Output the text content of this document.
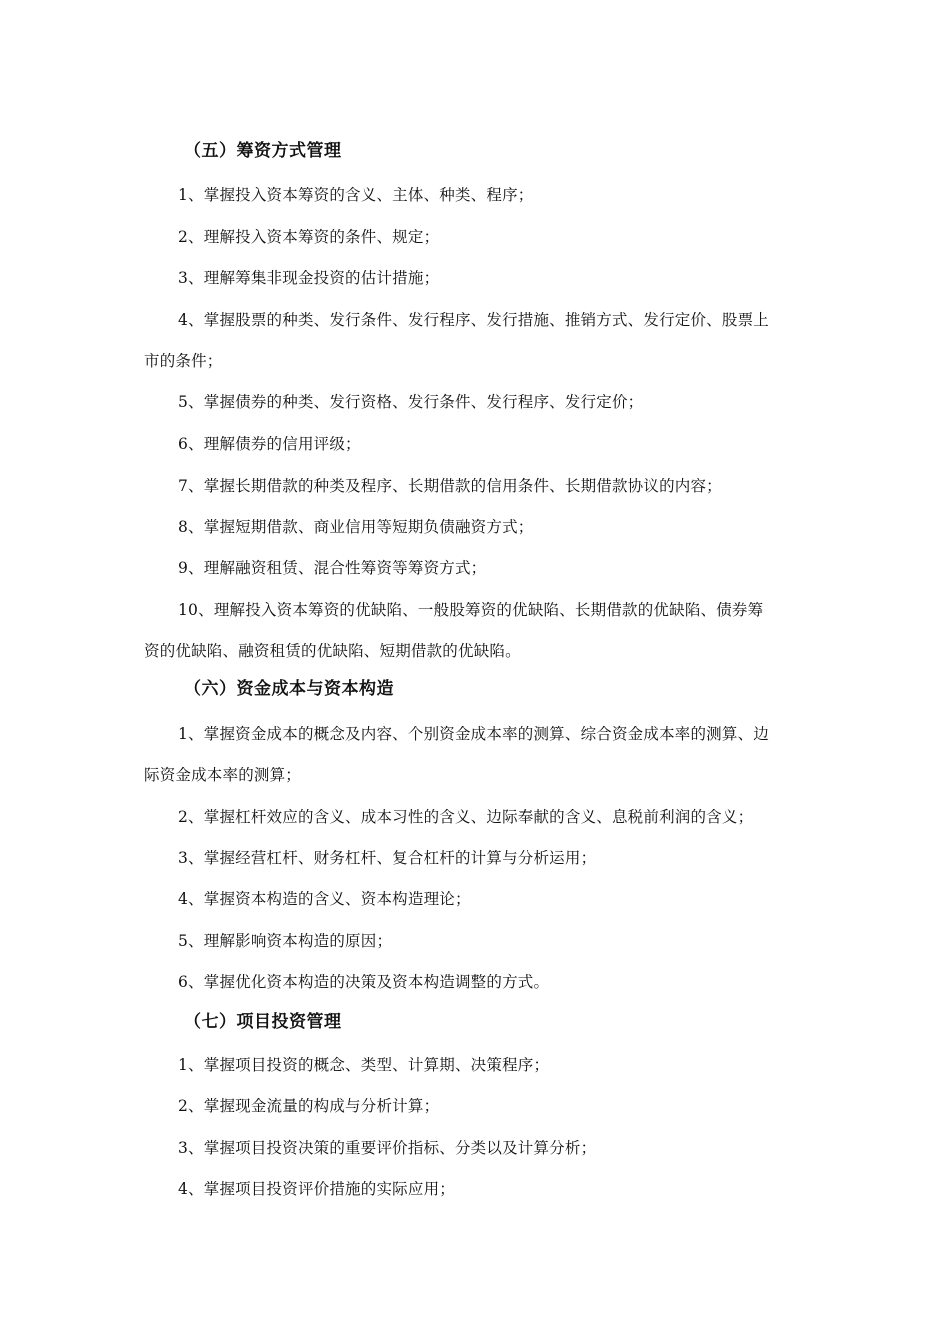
（五）筹资方式管理
1、掌握投入资本筹资的含义、主体、种类、程序；
2、理解投入资本筹资的条件、规定；
3、理解筹集非现金投资的估计措施；
4、掌握股票的种类、发行条件、发行程序、发行措施、推销方式、发行定价、股票上
市的条件；
5、掌握债券的种类、发行资格、发行条件、发行程序、发行定价；
6、理解债券的信用评级；
7、掌握长期借款的种类及程序、长期借款的信用条件、长期借款协议的内容；
8、掌握短期借款、商业信用等短期负债融资方式；
9、理解融资租赁、混合性筹资等筹资方式；
10、理解投入资本筹资的优缺陷、一般股筹资的优缺陷、长期借款的优缺陷、债券筹
资的优缺陷、融资租赁的优缺陷、短期借款的优缺陷。
（六）资金成本与资本构造
1、掌握资金成本的概念及内容、个别资金成本率的测算、综合资金成本率的测算、边
际资金成本率的测算；
2、掌握杠杆效应的含义、成本习性的含义、边际奉献的含义、息税前利润的含义；
3、掌握经营杠杆、财务杠杆、复合杠杆的计算与分析运用；
4、掌握资本构造的含义、资本构造理论；
5、理解影响资本构造的原因；
6、掌握优化资本构造的决策及资本构造调整的方式。
（七）项目投资管理
1、掌握项目投资的概念、类型、计算期、决策程序；
2、掌握现金流量的构成与分析计算；
3、掌握项目投资决策的重要评价指标、分类以及计算分析；
4、掌握项目投资评价措施的实际应用；
